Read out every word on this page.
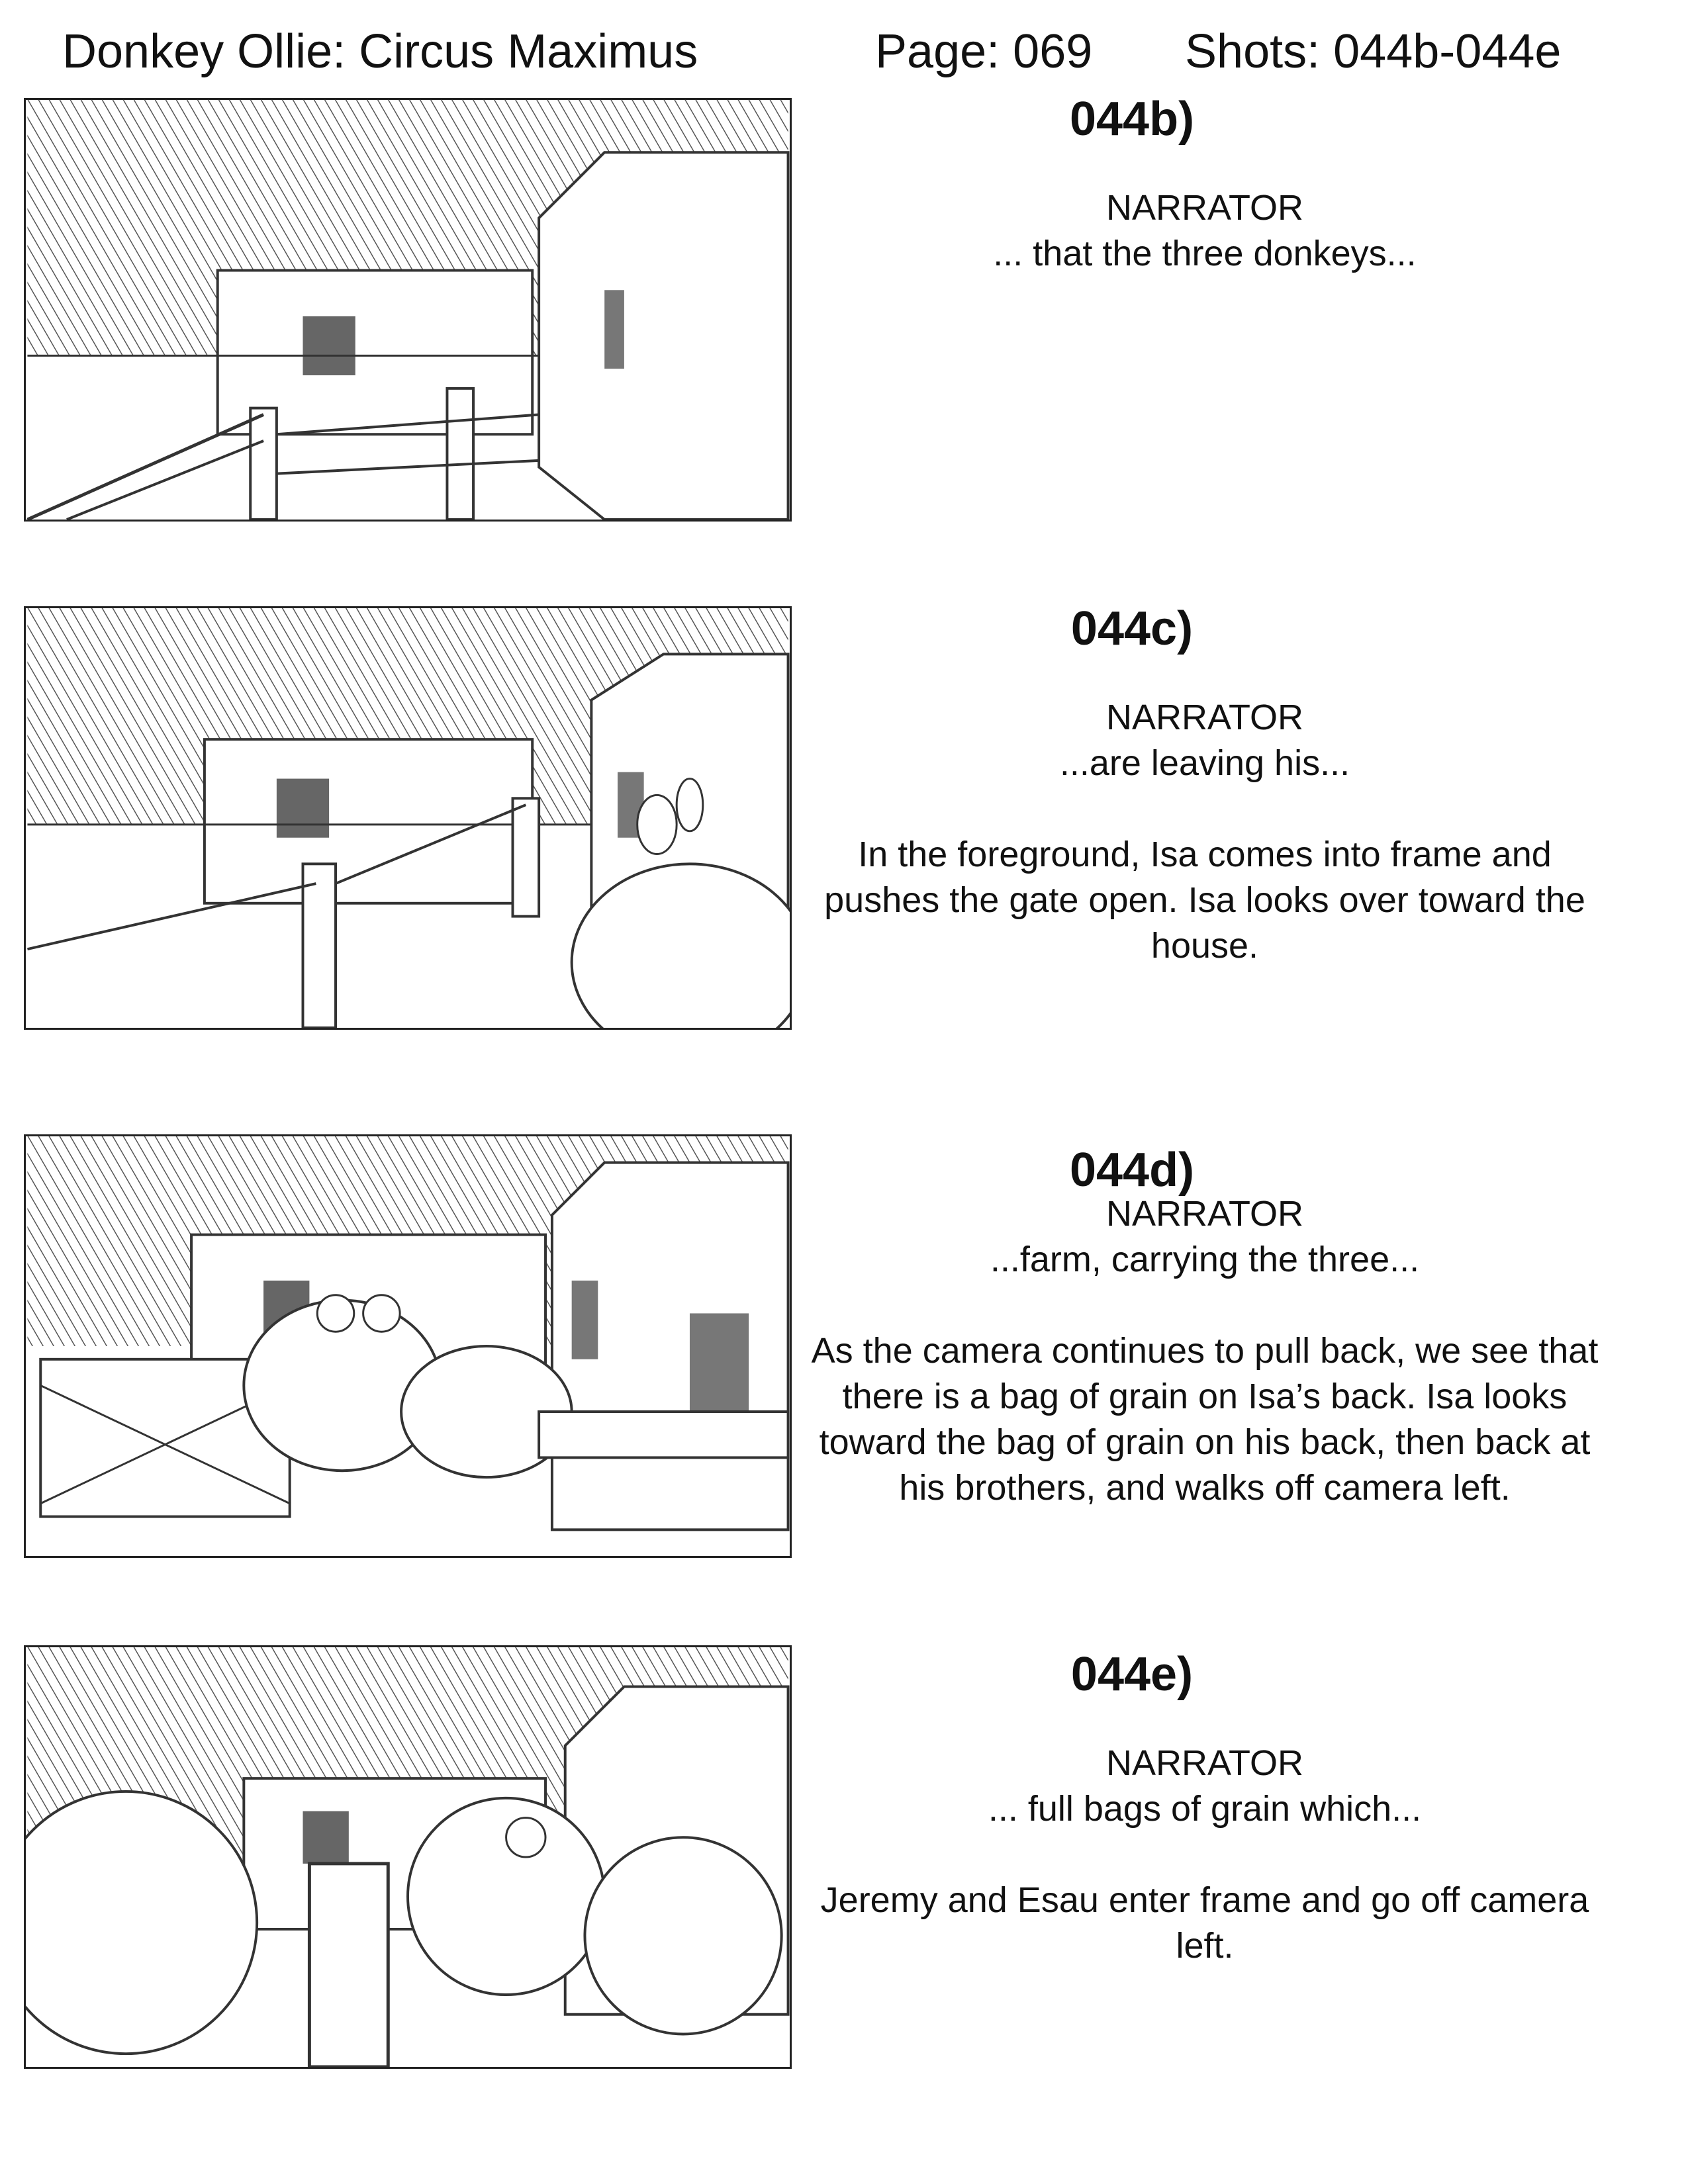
Donkey Ollie: Circus Maximus	Page: 069 Shots: 044b-044e
044b)
NARRATOR
... that the three donkeys...
044c)
NARRATOR
...are leaving his...
In the foreground, Isa comes into frame and pushes the gate open. Isa looks over toward the house.
044d)
NARRATOR
...farm, carrying the three...
As the camera continues to pull back, we see that there is a bag of grain on Isa’s back. Isa looks toward the bag of grain on his back, then back at his brothers, and walks off camera left.
044e)
NARRATOR
... full bags of grain which...
Jeremy and Esau enter frame and go off camera left.
